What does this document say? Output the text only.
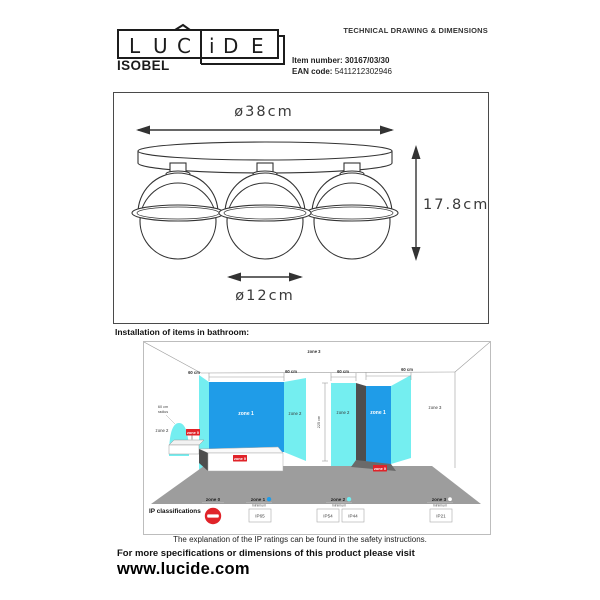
L U C i D E
TECHNICAL DRAWING & DIMENSIONS
ISOBEL	Item number: 30167/03/30
EAN code: 5411212302946
ø38cm
17.8cm
ø12cm
Installation of items in bathroom:
zone 3
zone 0
zone 0
zone 0
zone 1	zone 2
zone 2
zone 2	zone 1
zone 3
60 cm	60 cm	60 cm	60 cm
60 cm
radius
225 cm
IP classifications
zone 0	zone 1
minimum
IP65
zone 2
minimum
IP54	IP44
zone 3
minimum
IP21
The explanation of the IP ratings can be found in the safety instructions.
For more specifications or dimensions of this product please visit
www.lucide.com
